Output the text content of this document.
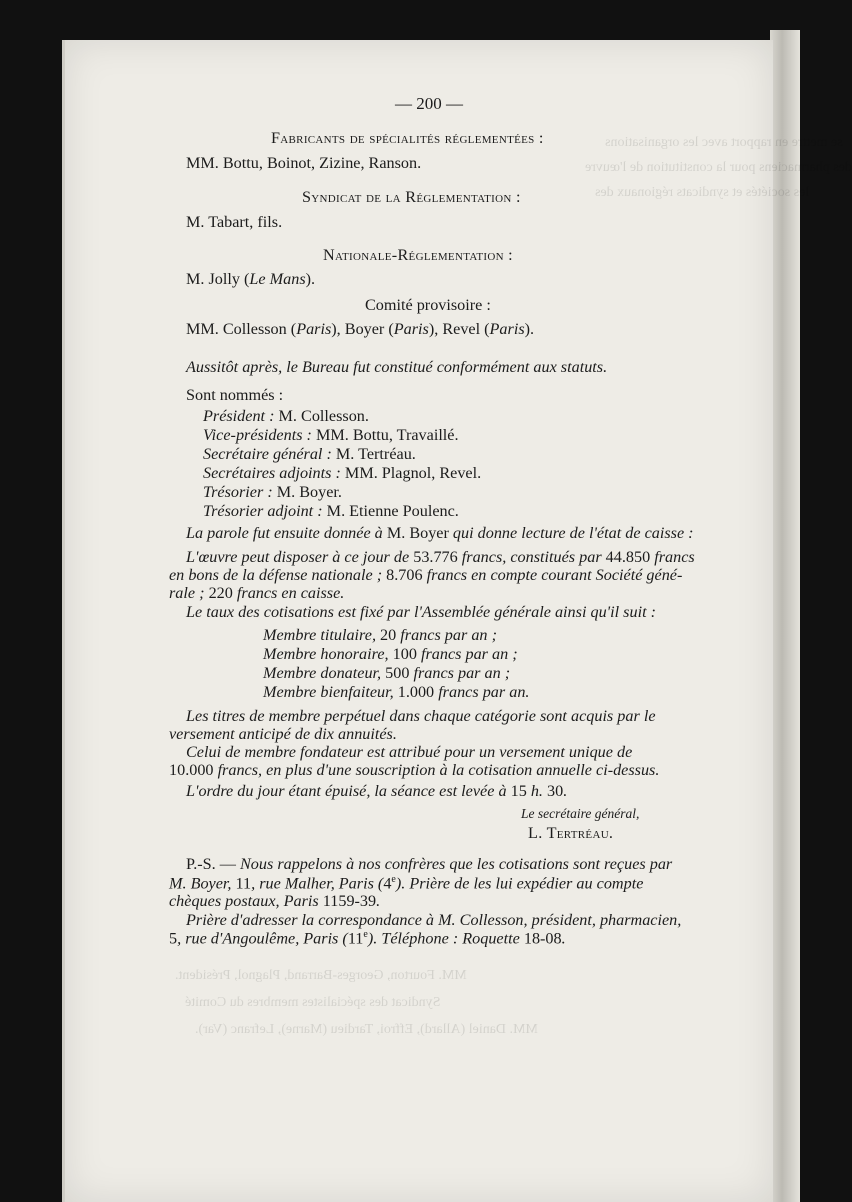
se mettre en rapport avec les organisations
des pharmaciens pour la constitution de l'œuvre
les sociétés et syndicats régionaux des
MM. Fourton, Georges-Barrand, Plagnol, Président.
Syndicat des spécialistes membres du Comité
MM. Daniel (Allard), Effroi, Tardieu (Marne), Lefranc (Var).
— 200 —
Fabricants de spécialités réglementées :
MM. Bottu, Boinot, Zizine, Ranson.
Syndicat de la Réglementation :
M. Tabart, fils.
Nationale-Réglementation :
M. Jolly (Le Mans).
Comité provisoire :
MM. Collesson (Paris), Boyer (Paris), Revel (Paris).
Aussitôt après, le Bureau fut constitué conformément aux statuts.
Sont nommés :
Président : M. Collesson.
Vice-présidents : MM. Bottu, Travaillé.
Secrétaire général : M. Tertréau.
Secrétaires adjoints : MM. Plagnol, Revel.
Trésorier : M. Boyer.
Trésorier adjoint : M. Etienne Poulenc.
La parole fut ensuite donnée à M. Boyer qui donne lecture de l'état de caisse :
L'œuvre peut disposer à ce jour de 53.776 francs, constitués par 44.850 francs
en bons de la défense nationale ; 8.706 francs en compte courant Société géné-
rale ; 220 francs en caisse.
Le taux des cotisations est fixé par l'Assemblée générale ainsi qu'il suit :
Membre titulaire, 20 francs par an ;
Membre honoraire, 100 francs par an ;
Membre donateur, 500 francs par an ;
Membre bienfaiteur, 1.000 francs par an.
Les titres de membre perpétuel dans chaque catégorie sont acquis par le
versement anticipé de dix annuités.
Celui de membre fondateur est attribué pour un versement unique de
10.000 francs, en plus d'une souscription à la cotisation annuelle ci-dessus.
L'ordre du jour étant épuisé, la séance est levée à 15 h. 30.
Le secrétaire général,
L. Tertréau.
P.-S. — Nous rappelons à nos confrères que les cotisations sont reçues par
M. Boyer, 11, rue Malher, Paris (4e). Prière de les lui expédier au compte
chèques postaux, Paris 1159-39.
Prière d'adresser la correspondance à M. Collesson, président, pharmacien,
5, rue d'Angoulême, Paris (11e). Téléphone : Roquette 18-08.
